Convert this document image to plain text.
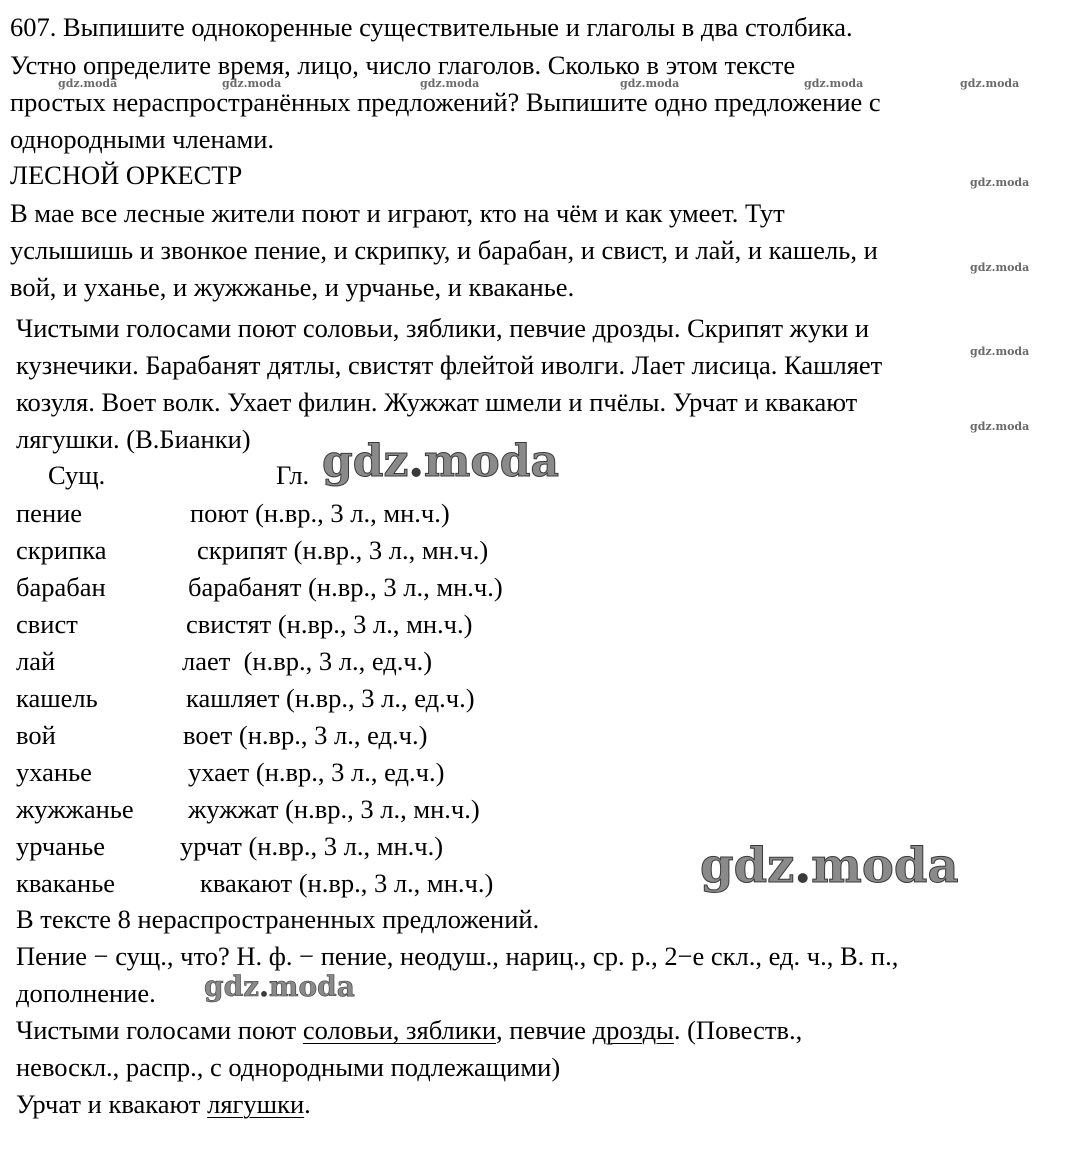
607. Выпишите однокоренные существительные и глаголы в два столбика.
Устно определите время, лицо, число глаголов. Сколько в этом тексте
простых нераспространённых предложений? Выпишите одно предложение с
однородными членами.
ЛЕСНОЙ ОРКЕСТР
В мае все лесные жители поют и играют, кто на чём и как умеет. Тут
услышишь и звонкое пение, и скрипку, и барабан, и свист, и лай, и кашель, и
вой, и уханье, и жужжанье, и урчанье, и кваканье.
Чистыми голосами поют соловьи, зяблики, певчие дрозды. Скрипят жуки и
кузнечики. Барабанят дятлы, свистят флейтой иволги. Лает лисица. Кашляет
козуля. Воет волк. Ухает филин. Жужжат шмели и пчёлы. Урчат и квакают
лягушки. (В.Бианки)
Сущ.	Гл.
пение	поют (н.вр., 3 л., мн.ч.)
скрипка	скрипят (н.вр., 3 л., мн.ч.)
барабан	барабанят (н.вр., 3 л., мн.ч.)
свист	свистят (н.вр., 3 л., мн.ч.)
лай	лает  (н.вр., 3 л., ед.ч.)
кашель	кашляет (н.вр., 3 л., ед.ч.)
вой	воет (н.вр., 3 л., ед.ч.)
уханье	ухает (н.вр., 3 л., ед.ч.)
жужжанье жужжат (н.вр., 3 л., мн.ч.)
урчанье	урчат (н.вр., 3 л., мн.ч.)
кваканье	квакают (н.вр., 3 л., мн.ч.)
В тексте 8 нераспространенных предложений.
Пение − сущ., что? Н. ф. − пение, неодуш., нариц., ср. р., 2−е скл., ед. ч., В. п.,
дополнение.
Чистыми голосами поют соловьи, зяблики, певчие дрозды. (Повеств.,
невоскл., распр., с однородными подлежащими)
Урчат и квакают лягушки.
gdz.moda	gdz.moda	gdz.moda	gdz.moda	gdz.moda	gdz.moda
gdz.moda
gdz.moda
gdz.moda
gdz.moda
gdz.moda
gdz.moda
gdz.moda
